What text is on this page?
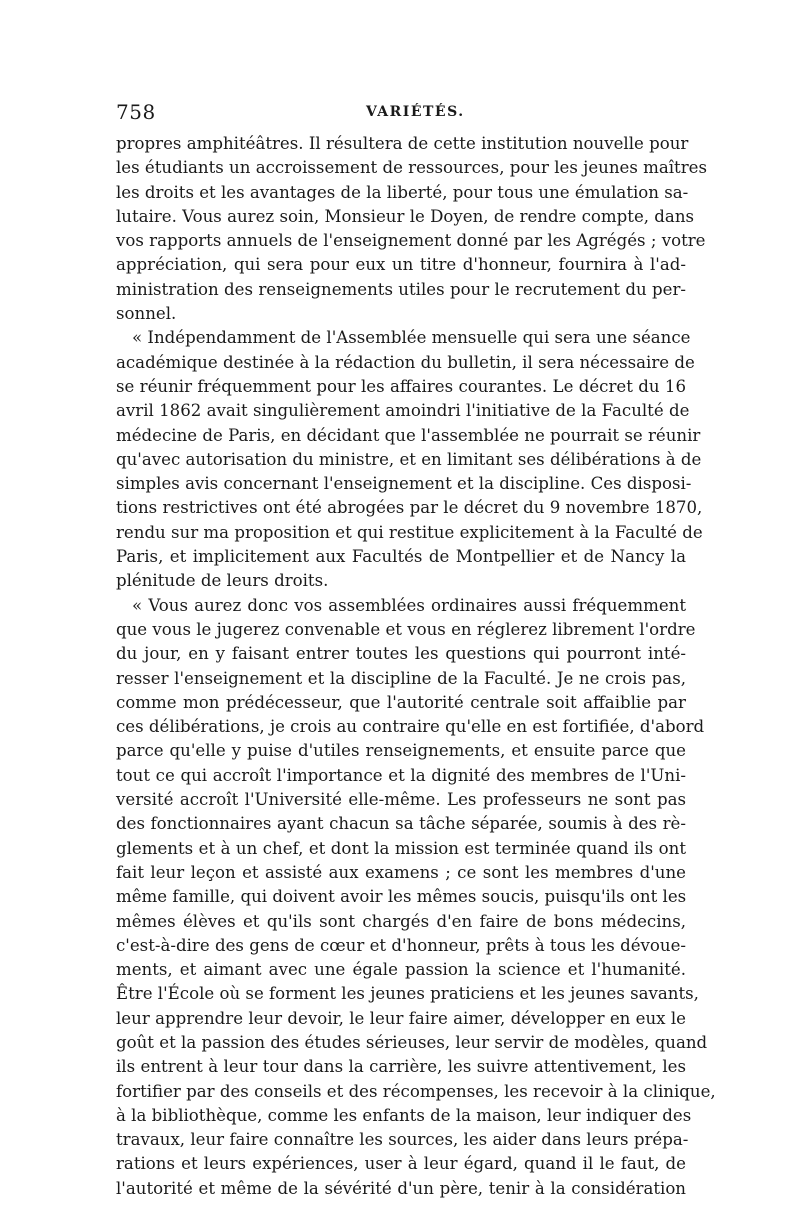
758	VARIÉTÉS.
propres amphitéâtres. Il résultera de cette institution nouvelle pour
les étudiants un accroissement de ressources, pour les jeunes maîtres
les droits et les avantages de la liberté, pour tous une émulation sa-
lutaire. Vous aurez soin, Monsieur le Doyen, de rendre compte, dans
vos rapports annuels de l'enseignement donné par les Agrégés ; votre
appréciation, qui sera pour eux un titre d'honneur, fournira à l'ad-
ministration des renseignements utiles pour le recrutement du per-
sonnel.
« Indépendamment de l'Assemblée mensuelle qui sera une séance
académique destinée à la rédaction du bulletin, il sera nécessaire de
se réunir fréquemment pour les affaires courantes. Le décret du 16
avril 1862 avait singulièrement amoindri l'initiative de la Faculté de
médecine de Paris, en décidant que l'assemblée ne pourrait se réunir
qu'avec autorisation du ministre, et en limitant ses délibérations à de
simples avis concernant l'enseignement et la discipline. Ces disposi-
tions restrictives ont été abrogées par le décret du 9 novembre 1870,
rendu sur ma proposition et qui restitue explicitement à la Faculté de
Paris, et implicitement aux Facultés de Montpellier et de Nancy la
plénitude de leurs droits.
« Vous aurez donc vos assemblées ordinaires aussi fréquemment
que vous le jugerez convenable et vous en réglerez librement l'ordre
du jour, en y faisant entrer toutes les questions qui pourront inté-
resser l'enseignement et la discipline de la Faculté. Je ne crois pas,
comme mon prédécesseur, que l'autorité centrale soit affaiblie par
ces délibérations, je crois au contraire qu'elle en est fortifiée, d'abord
parce qu'elle y puise d'utiles renseignements, et ensuite parce que
tout ce qui accroît l'importance et la dignité des membres de l'Uni-
versité accroît l'Université elle-même. Les professeurs ne sont pas
des fonctionnaires ayant chacun sa tâche séparée, soumis à des rè-
glements et à un chef, et dont la mission est terminée quand ils ont
fait leur leçon et assisté aux examens ; ce sont les membres d'une
même famille, qui doivent avoir les mêmes soucis, puisqu'ils ont les
mêmes élèves et qu'ils sont chargés d'en faire de bons médecins,
c'est-à-dire des gens de cœur et d'honneur, prêts à tous les dévoue-
ments, et aimant avec une égale passion la science et l'humanité.
Être l'École où se forment les jeunes praticiens et les jeunes savants,
leur apprendre leur devoir, le leur faire aimer, développer en eux le
goût et la passion des études sérieuses, leur servir de modèles, quand
ils entrent à leur tour dans la carrière, les suivre attentivement, les
fortifier par des conseils et des récompenses, les recevoir à la clinique,
à la bibliothèque, comme les enfants de la maison, leur indiquer des
travaux, leur faire connaître les sources, les aider dans leurs prépa-
rations et leurs expériences, user à leur égard, quand il le faut, de
l'autorité et même de la sévérité d'un père, tenir à la considération
